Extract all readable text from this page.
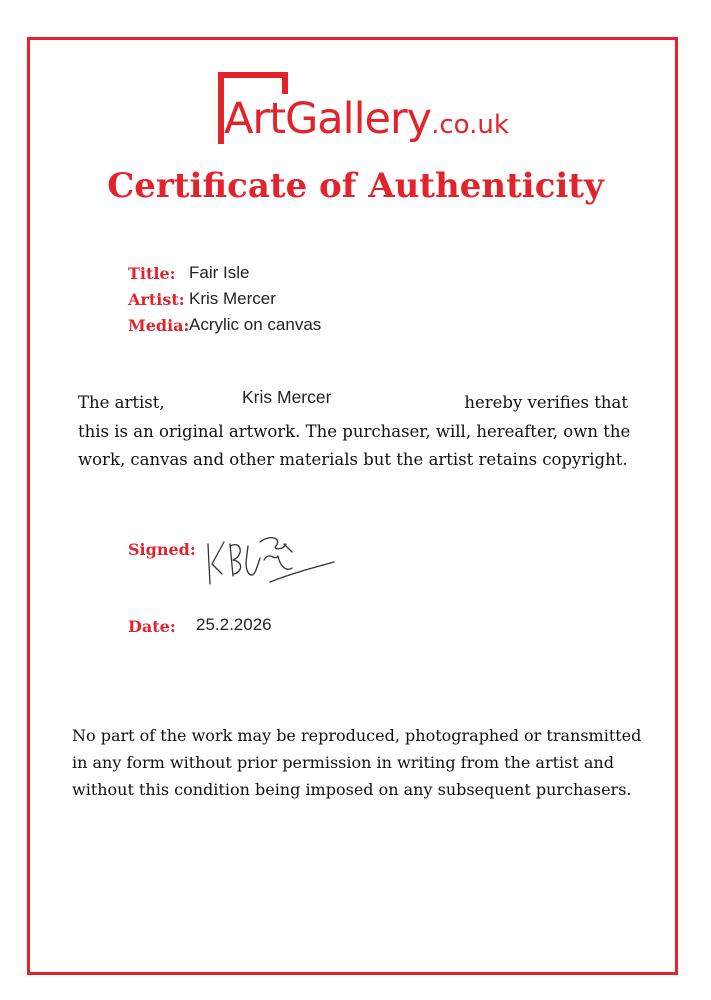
ArtGallery.co.uk
Certificate of Authenticity
Title: Fair Isle
Artist: Kris Mercer
Media: Acrylic on canvas
The artist,	Kris Mercer	hereby verifies that
this is an original artwork. The purchaser, will, hereafter, own the
work, canvas and other materials but the artist retains copyright.
Signed:
Date: 25.2.2026
No part of the work may be reproduced, photographed or transmitted
in any form without prior permission in writing from the artist and
without this condition being imposed on any subsequent purchasers.
